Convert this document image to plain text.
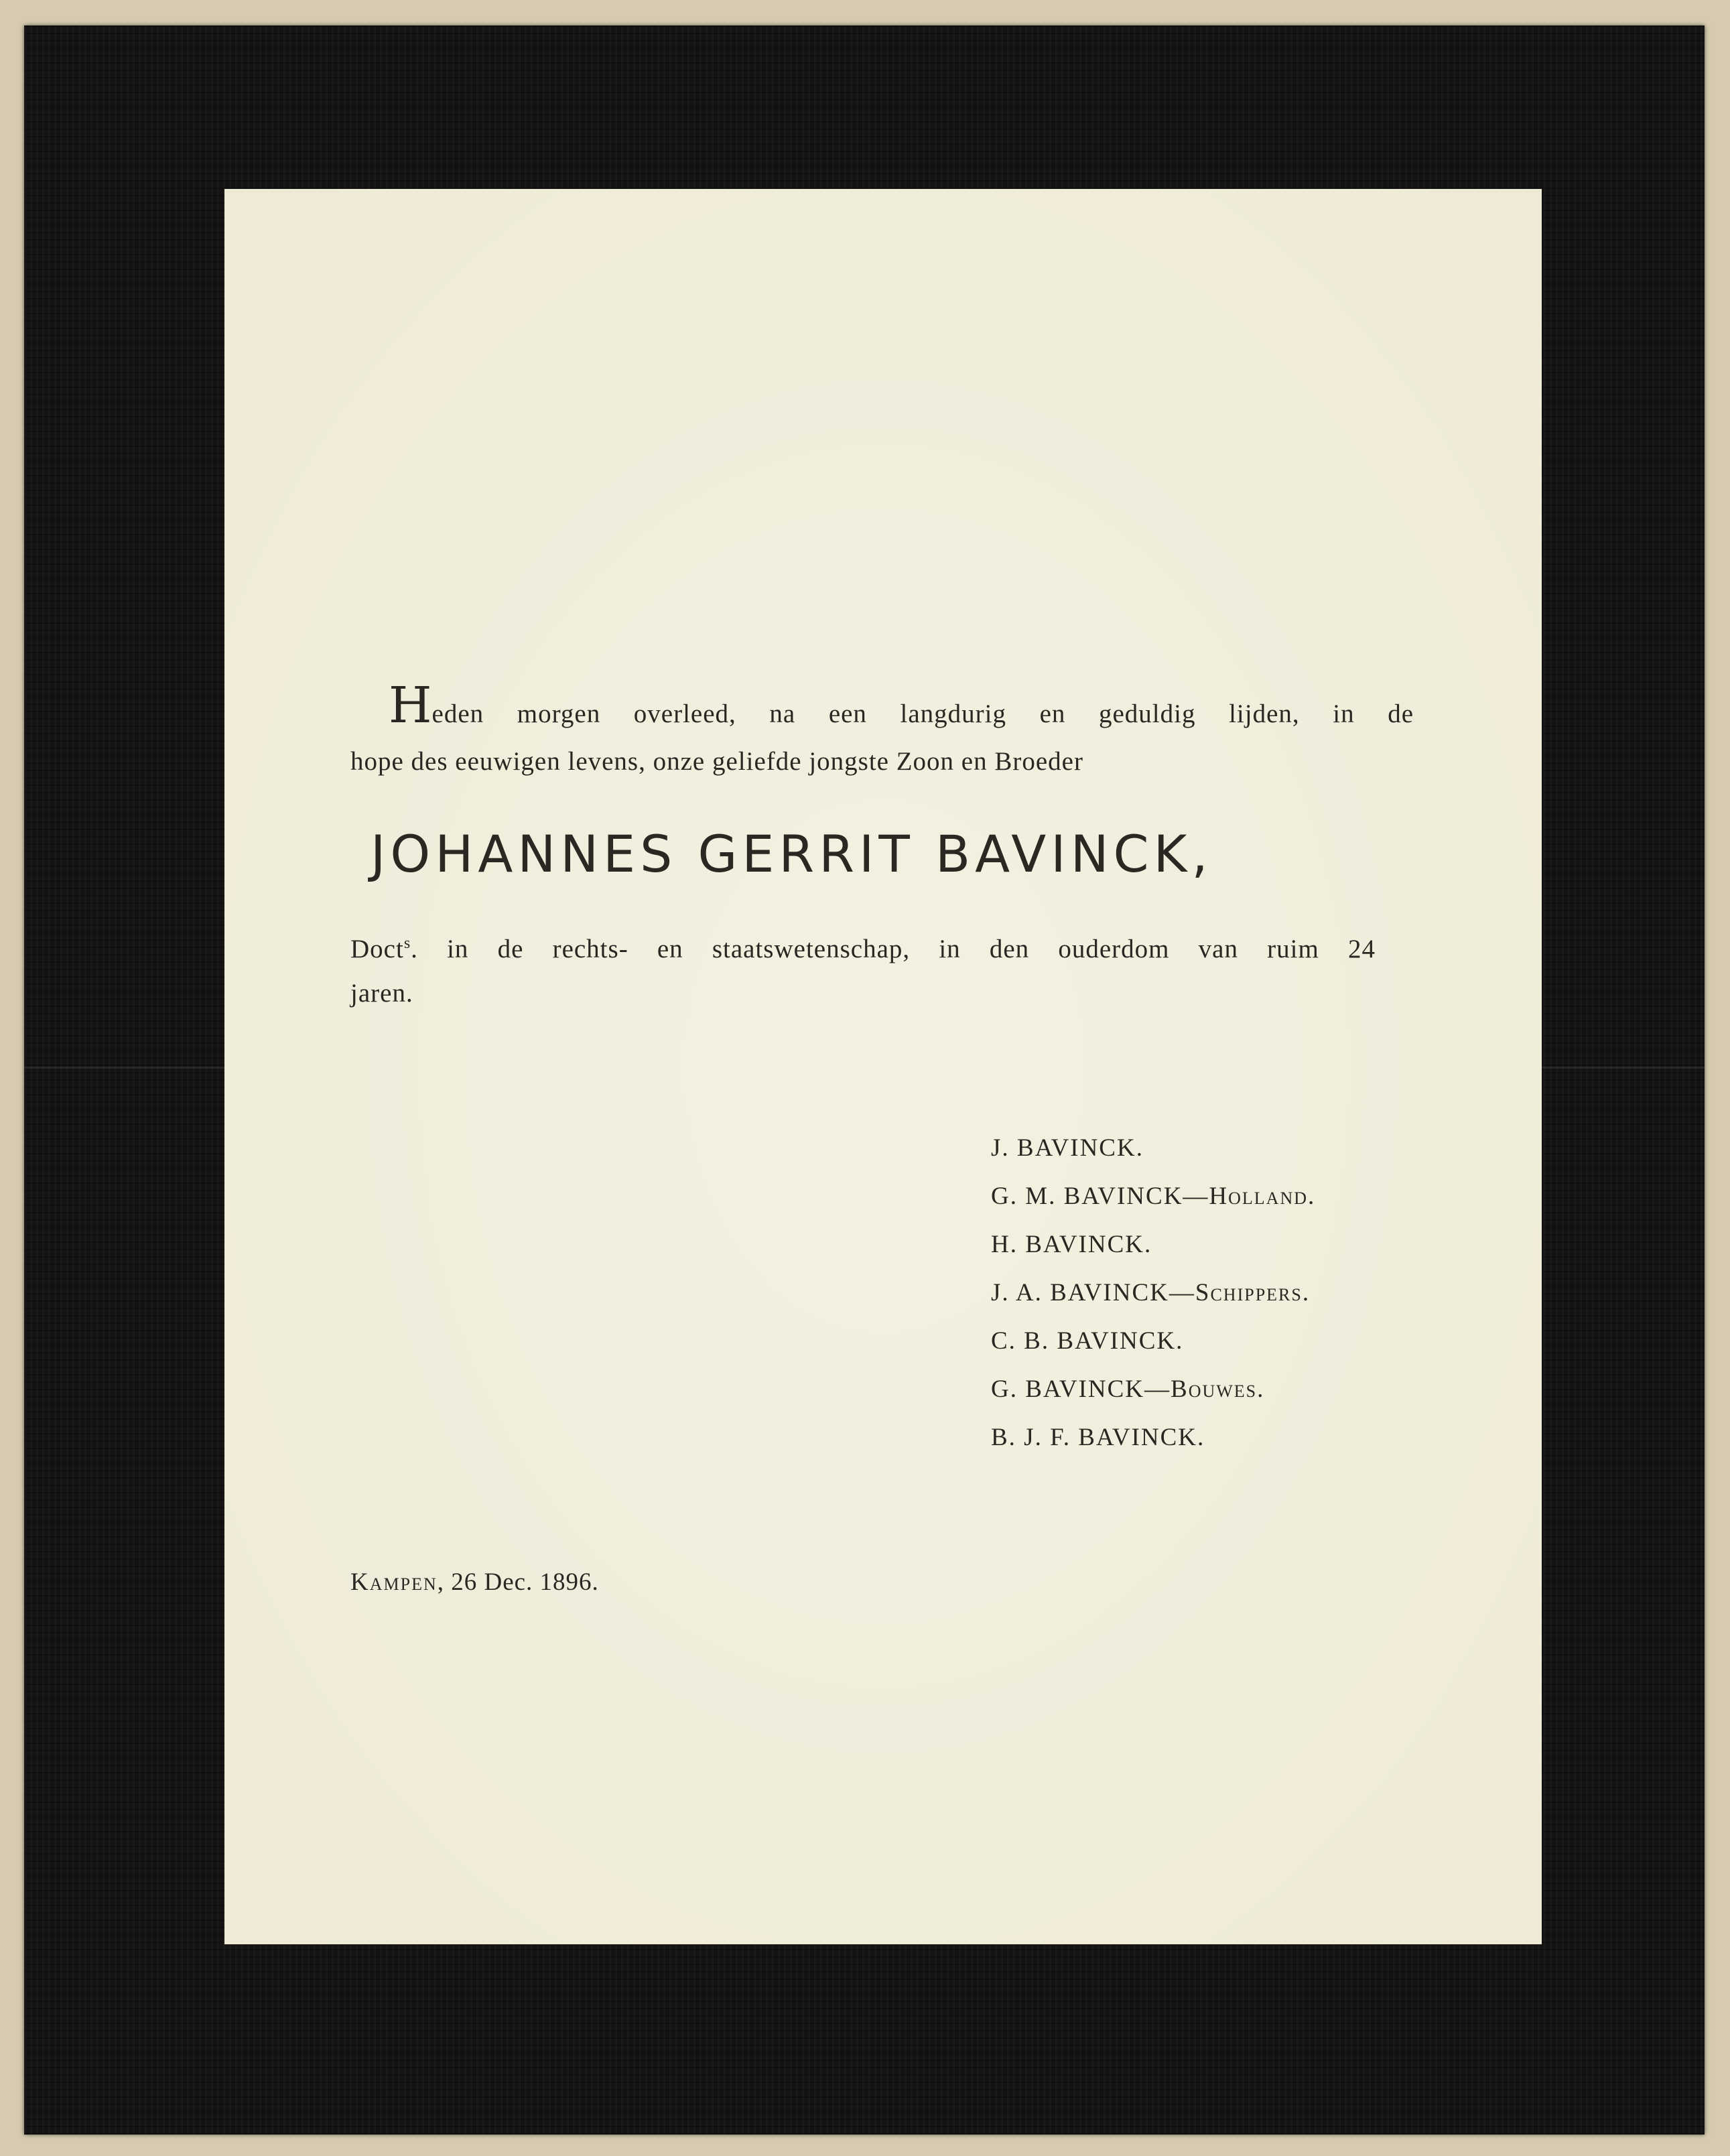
H eden morgen overleed, na een langdurig en geduldig lijden, in de
hope des eeuwigen levens, onze geliefde jongste Zoon en Broeder
JOHANNES GERRIT BAVINCK,
Doct$^s$. in de rechts- en staatswetenschap, in den ouderdom van ruim 24
jaren.
J. BAVINCK.
G. M. BAVINCK—Holland.
H. BAVINCK.
J. A. BAVINCK—Schippers.
C. B. BAVINCK.
G. BAVINCK—Bouwes.
B. J. F. BAVINCK.
Kampen, 26 Dec. 1896.
